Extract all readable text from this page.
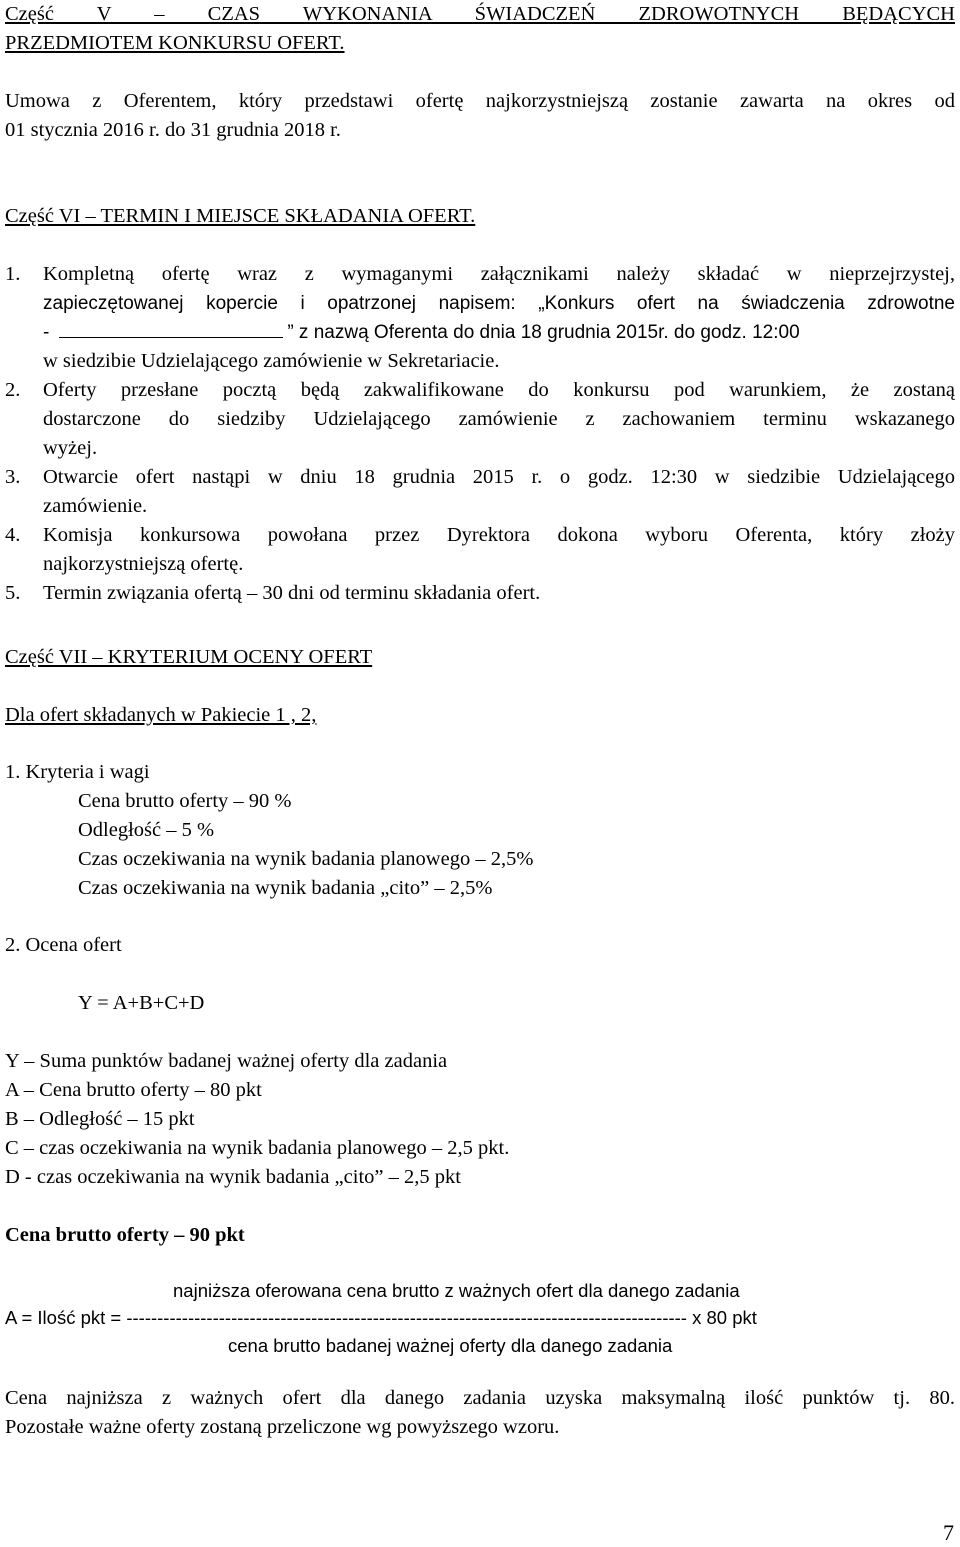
Część V – CZAS WYKONANIA ŚWIADCZEŃ ZDROWOTNYCH BĘDĄCYCH
PRZEDMIOTEM KONKURSU OFERT.
Umowa z Oferentem, który przedstawi ofertę najkorzystniejszą zostanie zawarta na okres od
01 stycznia 2016 r. do 31 grudnia 2018 r.
Część VI – TERMIN I MIEJSCE SKŁADANIA OFERT.
1.	Kompletną ofertę wraz z wymaganymi załącznikami należy składać w nieprzejrzystej,
zapieczętowanej kopercie i opatrzonej napisem: „Konkurs ofert na świadczenia zdrowotne
-	” z nazwą Oferenta do dnia 18 grudnia 2015r. do godz. 12:00
w siedzibie Udzielającego zamówienie w Sekretariacie.
2.	Oferty przesłane pocztą będą zakwalifikowane do konkursu pod warunkiem, że zostaną
dostarczone do siedziby Udzielającego zamówienie z zachowaniem terminu wskazanego
wyżej.
3.	Otwarcie ofert nastąpi w dniu 18 grudnia 2015 r. o godz. 12:30 w siedzibie Udzielającego
zamówienie.
4.	Komisja konkursowa powołana przez Dyrektora dokona wyboru Oferenta, który złoży
najkorzystniejszą ofertę.
5.	Termin związania ofertą – 30 dni od terminu składania ofert.
Część VII – KRYTERIUM OCENY OFERT
Dla ofert składanych w Pakiecie 1 , 2,
1. Kryteria i wagi
Cena brutto oferty – 90 %
Odległość – 5 %
Czas oczekiwania na wynik badania planowego – 2,5%
Czas oczekiwania na wynik badania „cito” – 2,5%
2. Ocena ofert
Y = A+B+C+D
Y – Suma punktów badanej ważnej oferty dla zadania
A – Cena brutto oferty – 80 pkt
B – Odległość – 15 pkt
C – czas oczekiwania na wynik badania planowego – 2,5 pkt.
D - czas oczekiwania na wynik badania „cito” – 2,5 pkt
Cena brutto oferty – 90 pkt
najniższa oferowana cena brutto z ważnych ofert dla danego zadania
A = Ilość pkt = ------------------------------------------------------------------------------------------- x 80 pkt
cena brutto badanej ważnej oferty dla danego zadania
Cena najniższa z ważnych ofert dla danego zadania uzyska maksymalną ilość punktów tj. 80.
Pozostałe ważne oferty zostaną przeliczone wg powyższego wzoru.
7
